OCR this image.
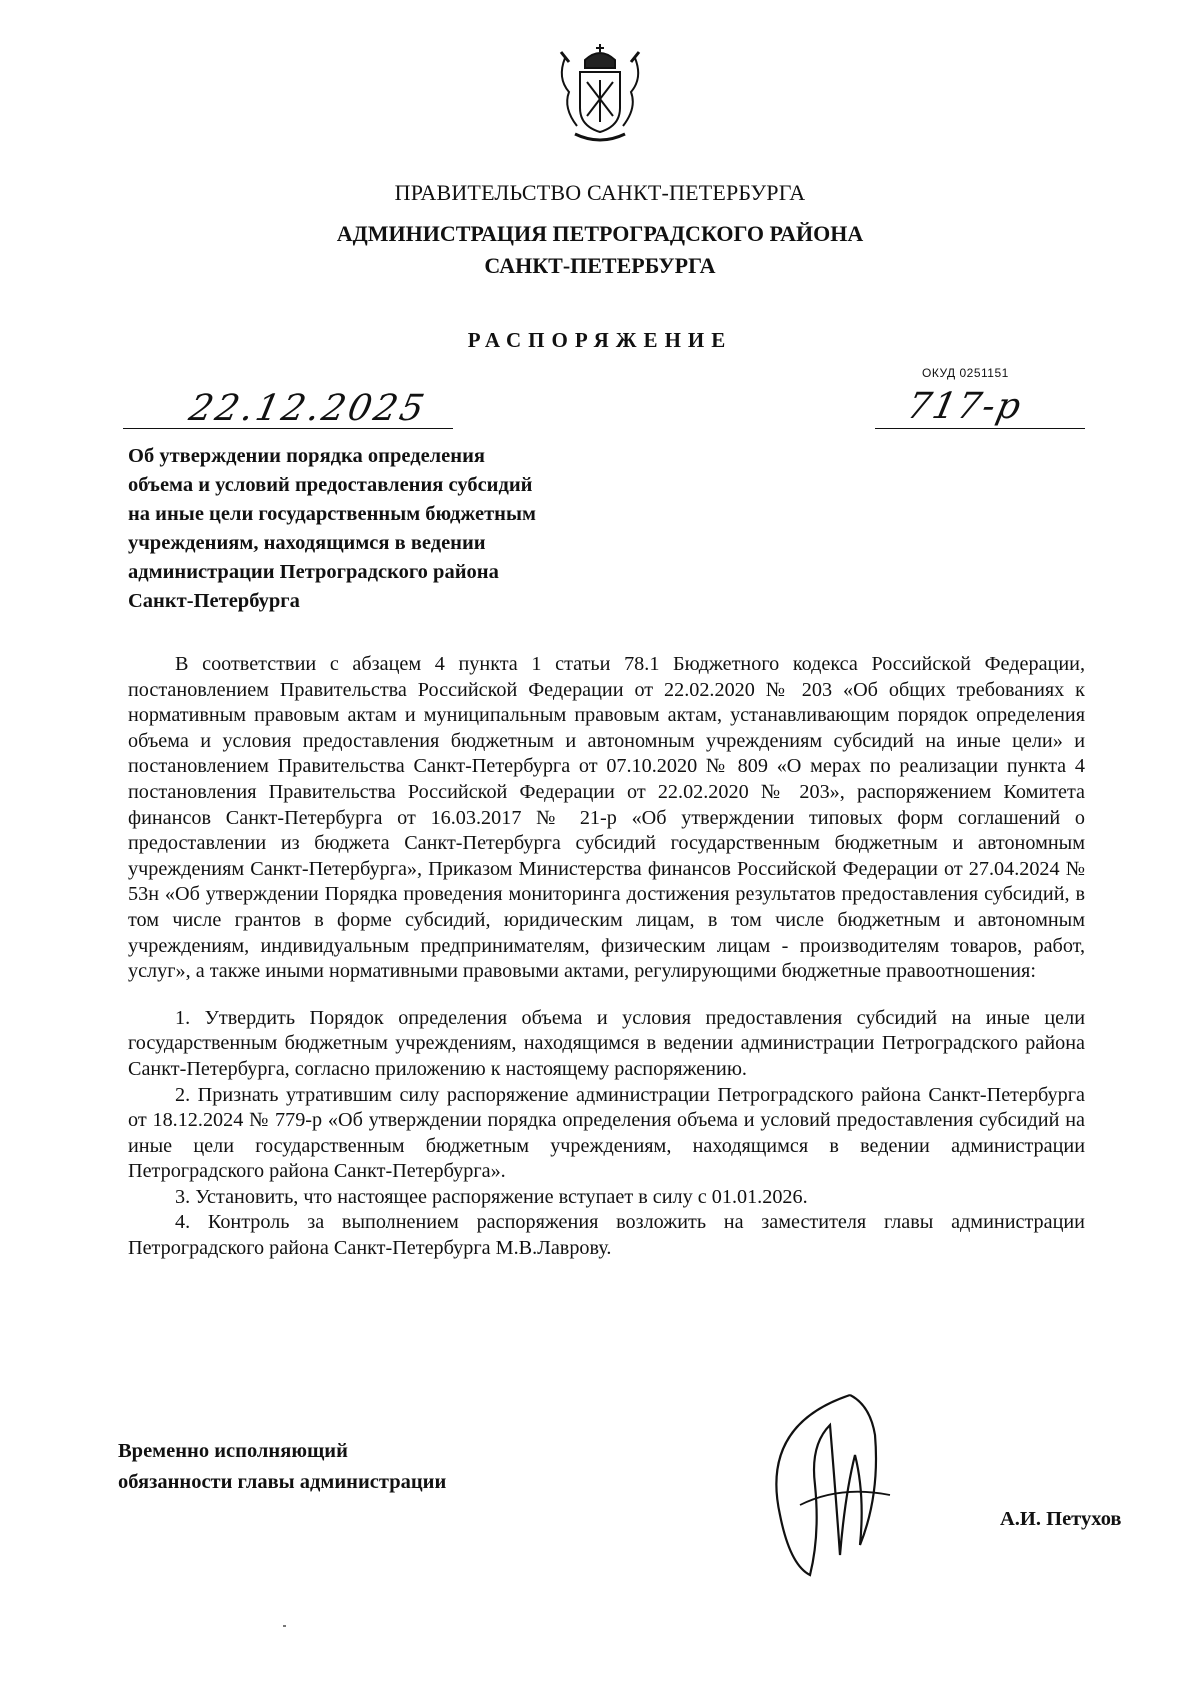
ПРАВИТЕЛЬСТВО САНКТ-ПЕТЕРБУРГА
АДМИНИСТРАЦИЯ ПЕТРОГРАДСКОГО РАЙОНА
САНКТ-ПЕТЕРБУРГА
РАСПОРЯЖЕНИЕ
ОКУД 0251151
22.12.2025	717-р
Об утверждении порядка определения
объема и условий предоставления субсидий
на иные цели государственным бюджетным
учреждениям, находящимся в ведении
администрации Петроградского района
Санкт-Петербурга

В соответствии с абзацем 4 пункта 1 статьи 78.1 Бюджетного кодекса Российской Федерации, постановлением Правительства Российской Федерации от 22.02.2020 № 203 «Об общих требованиях к нормативным правовым актам и муниципальным правовым актам, устанавливающим порядок определения объема и условия предоставления бюджетным и автономным учреждениям субсидий на иные цели» и постановлением Правительства Санкт-Петербурга от 07.10.2020 № 809 «О мерах по реализации пункта 4 постановления Правительства Российской Федерации от 22.02.2020 № 203», распоряжением Комитета финансов Санкт-Петербурга от 16.03.2017 № 21-р «Об утверждении типовых форм соглашений о предоставлении из бюджета Санкт-Петербурга субсидий государственным бюджетным и автономным учреждениям Санкт-Петербурга», Приказом Министерства финансов Российской Федерации от 27.04.2024 № 53н «Об утверждении Порядка проведения мониторинга достижения результатов предоставления субсидий, в том числе грантов в форме субсидий, юридическим лицам, в том числе бюджетным и автономным учреждениям, индивидуальным предпринимателям, физическим лицам - производителям товаров, работ, услуг», а также иными нормативными правовыми актами, регулирующими бюджетные правоотношения:

1. Утвердить Порядок определения объема и условия предоставления субсидий на иные цели государственным бюджетным учреждениям, находящимся в ведении администрации Петроградского района Санкт-Петербурга, согласно приложению к настоящему распоряжению.

2. Признать утратившим силу распоряжение администрации Петроградского района Санкт-Петербурга от 18.12.2024 № 779-р «Об утверждении порядка определения объема и условий предоставления субсидий на иные цели государственным бюджетным учреждениям, находящимся в ведении администрации Петроградского района Санкт-Петербурга».

3. Установить, что настоящее распоряжение вступает в силу с 01.01.2026.

4. Контроль за выполнением распоряжения возложить на заместителя главы администрации Петроградского района Санкт-Петербурга М.В.Лаврову.

Временно исполняющий
обязанности главы администрации
А.И. Петухов
